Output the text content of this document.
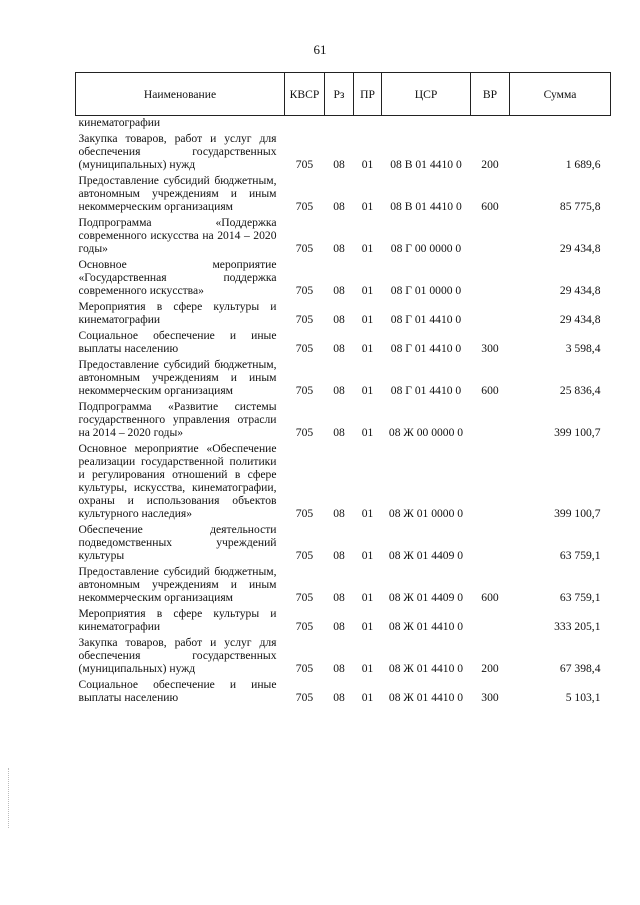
61
Наименование	КВСР	Рз	ПР	ЦСР	ВР	Сумма
кинематографии						
Закупка товаров, работ и услуг для обеспечения государственных (муниципальных) нужд	705	08	01	08 В 01 4410 0	200	1 689,6
Предоставление субсидий бюджетным, автономным учреждениям и иным некоммерческим организациям	705	08	01	08 В 01 4410 0	600	85 775,8
Подпрограмма «Поддержка современного искусства на 2014 – 2020 годы»	705	08	01	08 Г 00 0000 0		29 434,8
Основное мероприятие «Государственная поддержка современного искусства»	705	08	01	08 Г 01 0000 0		29 434,8
Мероприятия в сфере культуры и кинематографии	705	08	01	08 Г 01 4410 0		29 434,8
Социальное обеспечение и иные выплаты населению	705	08	01	08 Г 01 4410 0	300	3 598,4
Предоставление субсидий бюджетным, автономным учреждениям и иным некоммерческим организациям	705	08	01	08 Г 01 4410 0	600	25 836,4
Подпрограмма «Развитие системы государственного управления отрасли на 2014 – 2020 годы»	705	08	01	08 Ж 00 0000 0		399 100,7
Основное мероприятие «Обеспечение реализации государственной политики и регулирования отношений в сфере культуры, искусства, кинематографии, охраны и использования объектов культурного наследия»	705	08	01	08 Ж 01 0000 0		399 100,7
Обеспечение деятельности подведомственных учреждений культуры	705	08	01	08 Ж 01 4409 0		63 759,1
Предоставление субсидий бюджетным, автономным учреждениям и иным некоммерческим организациям	705	08	01	08 Ж 01 4409 0	600	63 759,1
Мероприятия в сфере культуры и кинематографии	705	08	01	08 Ж 01 4410 0		333 205,1
Закупка товаров, работ и услуг для обеспечения государственных (муниципальных) нужд	705	08	01	08 Ж 01 4410 0	200	67 398,4
Социальное обеспечение и иные выплаты населению	705	08	01	08 Ж 01 4410 0	300	5 103,1
